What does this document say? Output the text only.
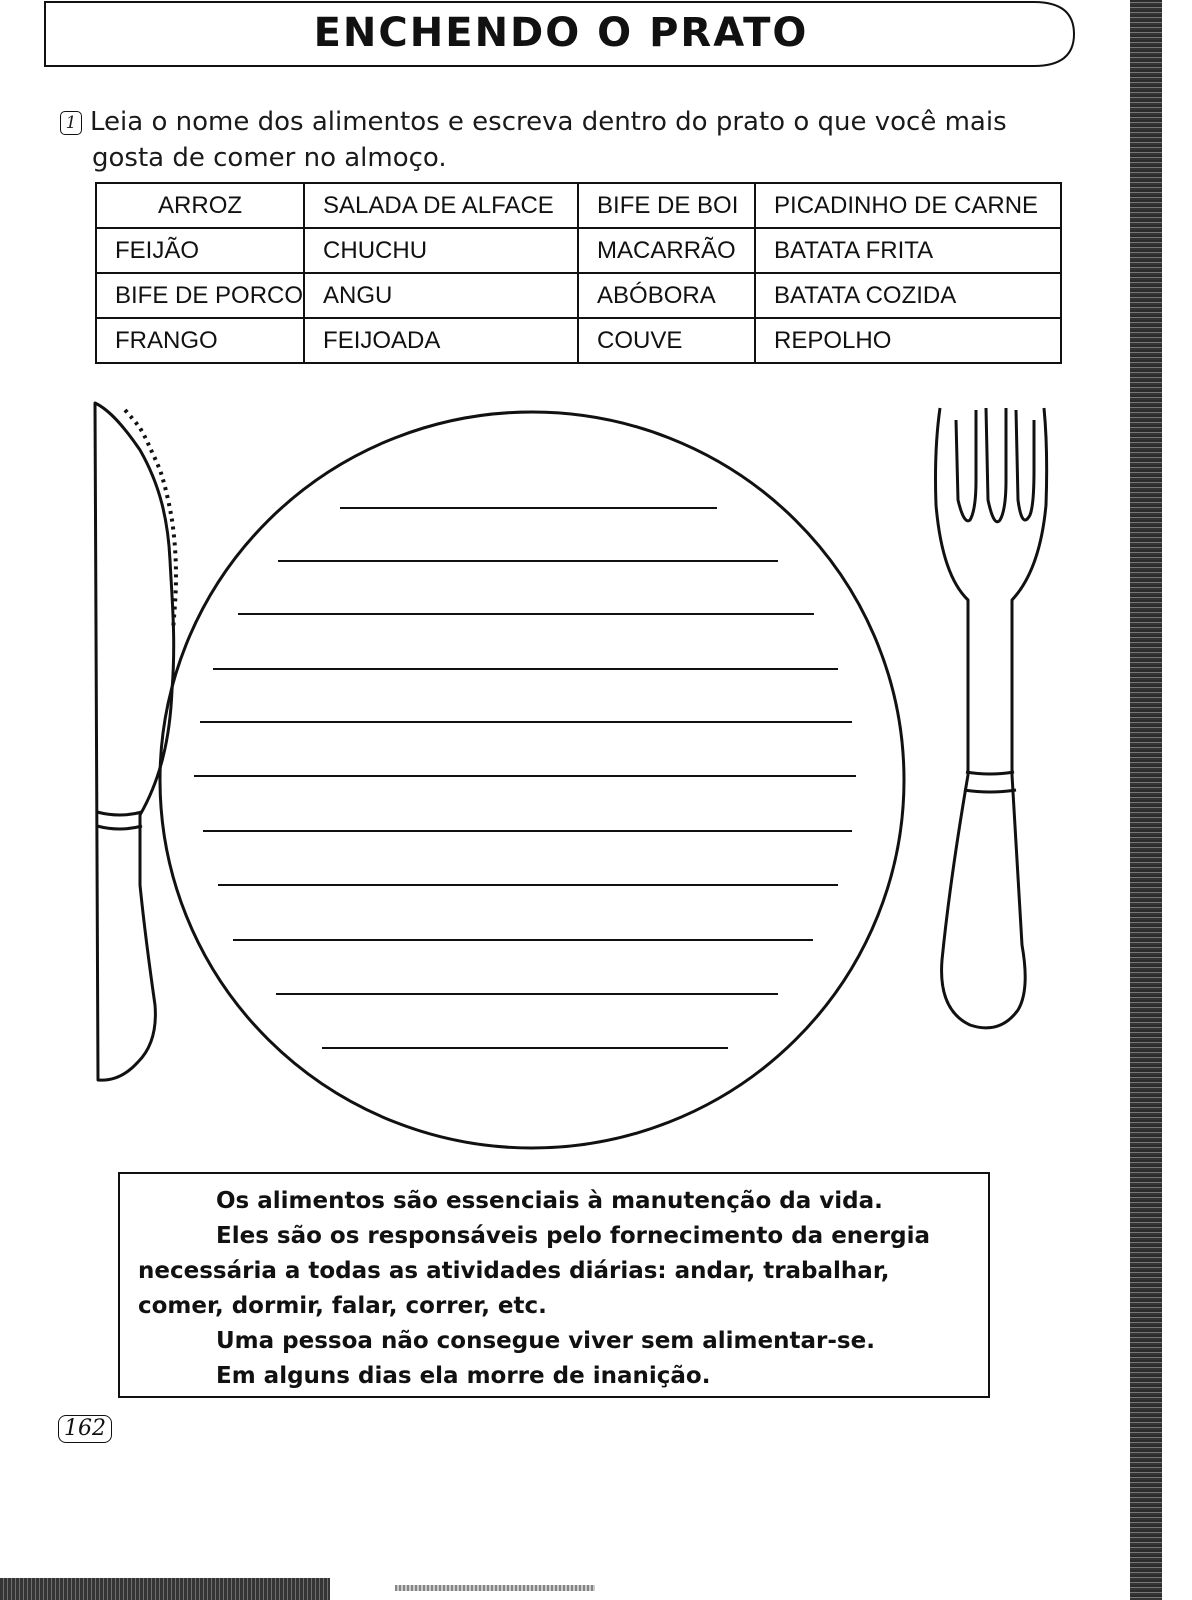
ENCHENDO O PRATO
1 Leia o nome dos alimentos e escreva dentro do prato o que você mais
gosta de comer no almoço.
ARROZ	SALADA DE ALFACE	BIFE DE BOI	PICADINHO DE CARNE
FEIJÃO	CHUCHU	MACARRÃO	BATATA FRITA
BIFE DE PORCO	ANGU	ABÓBORA	BATATA COZIDA
FRANGO	FEIJOADA	COUVE	REPOLHO

Os alimentos são essenciais à manutenção da vida.

Eles são os responsáveis pelo fornecimento da energia necessária a todas as atividades diárias: andar, trabalhar, comer, dormir, falar, correr, etc.

Uma pessoa não consegue viver sem alimentar-se.

Em alguns dias ela morre de inanição.

162
